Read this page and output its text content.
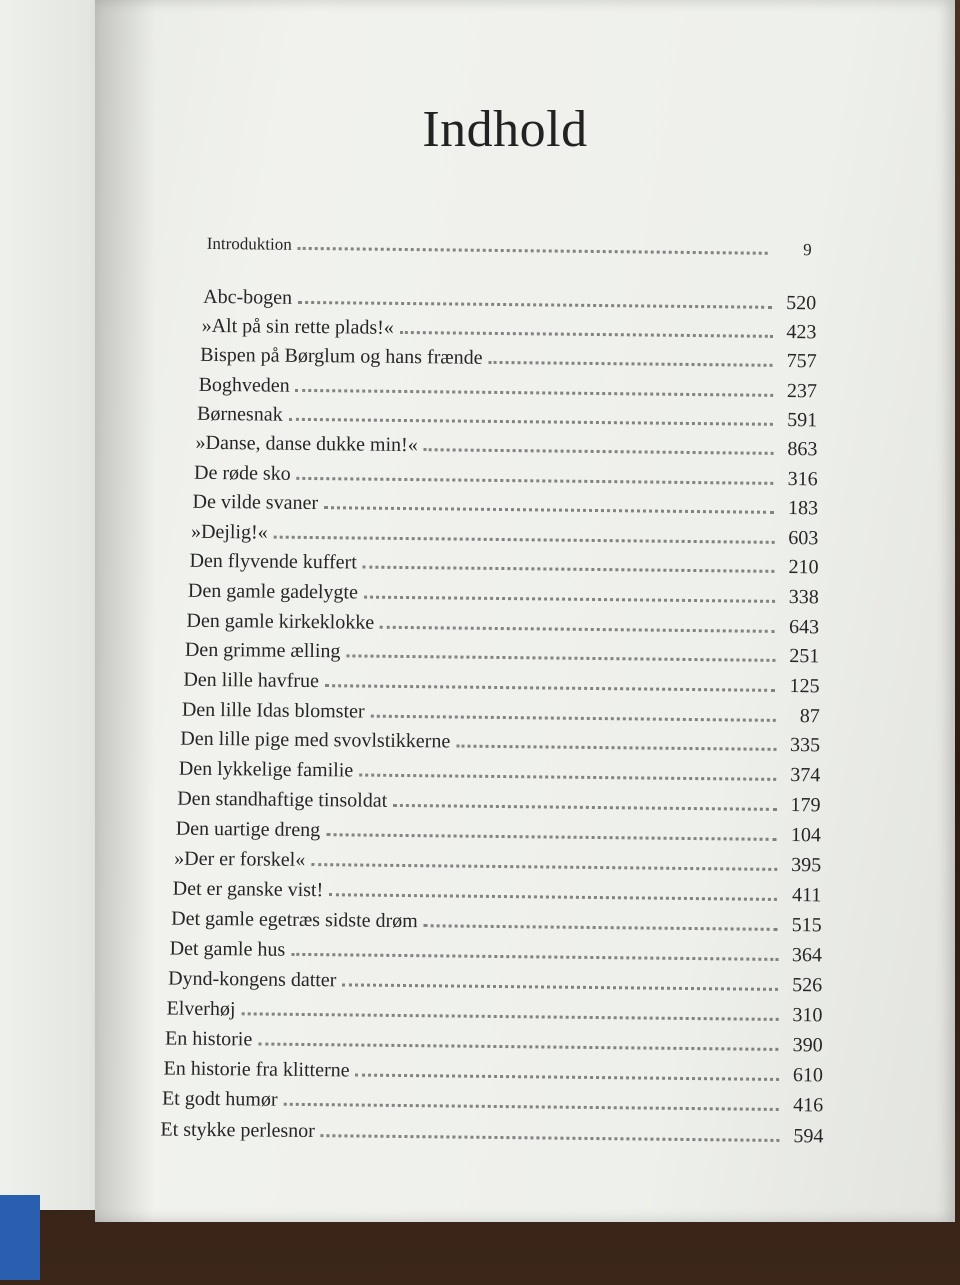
Indhold
Introduktion	9
Abc-bogen	520
»Alt på sin rette plads!«	423
Bispen på Børglum og hans frænde	757
Boghveden	237
Børnesnak	591
»Danse, danse dukke min!«	863
De røde sko	316
De vilde svaner	183
»Dejlig!«	603
Den flyvende kuffert	210
Den gamle gadelygte	338
Den gamle kirkeklokke	643
Den grimme ælling	251
Den lille havfrue	125
Den lille Idas blomster	87
Den lille pige med svovlstikkerne	335
Den lykkelige familie	374
Den standhaftige tinsoldat	179
Den uartige dreng	104
»Der er forskel«	395
Det er ganske vist!	411
Det gamle egetræs sidste drøm	515
Det gamle hus	364
Dynd-kongens datter	526
Elverhøj	310
En historie	390
En historie fra klitterne	610
Et godt humør	416
Et stykke perlesnor	594
